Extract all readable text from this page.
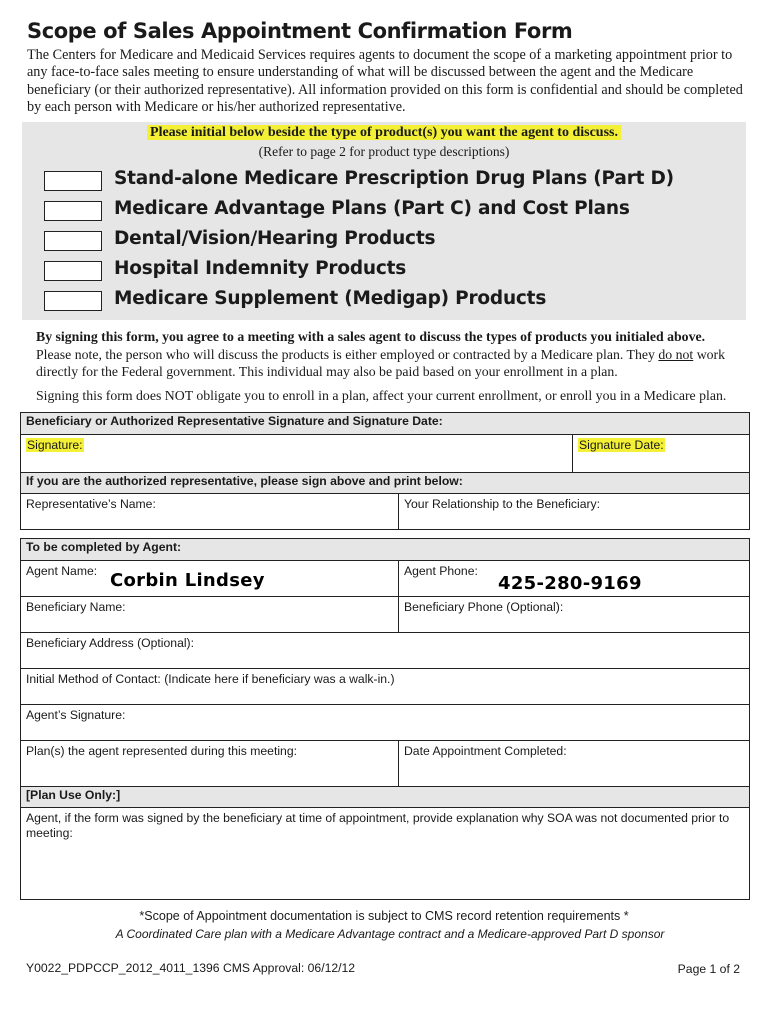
Scope of Sales Appointment Confirmation Form
The Centers for Medicare and Medicaid Services requires agents to document the scope of a marketing appointment prior to any face-to-face sales meeting to ensure understanding of what will be discussed between the agent and the Medicare beneficiary (or their authorized representative). All information provided on this form is confidential and should be completed by each person with Medicare or his/her authorized representative.
Please initial below beside the type of product(s) you want the agent to discuss.
(Refer to page 2 for product type descriptions)
Stand-alone Medicare Prescription Drug Plans (Part D)
Medicare Advantage Plans (Part C) and Cost Plans
Dental/Vision/Hearing Products
Hospital Indemnity Products
Medicare Supplement (Medigap) Products

By signing this form, you agree to a meeting with a sales agent to discuss the types of products you initialed above.

Please note, the person who will discuss the products is either employed or contracted by a Medicare plan. They do not work directly for the Federal government. This individual may also be paid based on your enrollment in a plan.

Signing this form does NOT obligate you to enroll in a plan, affect your current enrollment, or enroll you in a Medicare plan.

Beneficiary or Authorized Representative Signature and Signature Date:
Signature:	Signature Date:
If you are the authorized representative, please sign above and print below:
Representative’s Name:	Your Relationship to the Beneficiary:
To be completed by Agent:
Agent Name: Corbin Lindsey	Agent Phone:
425-280-9169
Beneficiary Name:	Beneficiary Phone (Optional):
Beneficiary Address (Optional):
Initial Method of Contact: (Indicate here if beneficiary was a walk-in.)
Agent’s Signature:
Plan(s) the agent represented during this meeting:	Date Appointment Completed:
[Plan Use Only:]
Agent, if the form was signed by the beneficiary at time of appointment, provide explanation why SOA was not documented prior to meeting:
*Scope of Appointment documentation is subject to CMS record retention requirements *
A Coordinated Care plan with a Medicare Advantage contract and a Medicare-approved Part D sponsor
Y0022_PDPCCP_2012_4011_1396 CMS Approval: 06/12/12	Page 1 of 2
